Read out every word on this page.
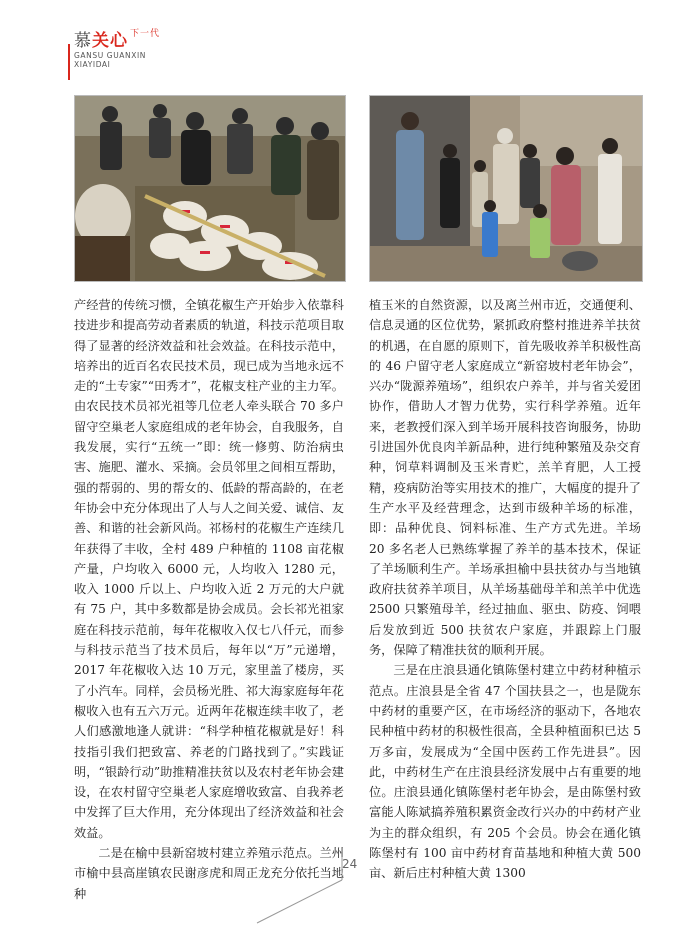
慕关心 $^{下一代}$
GANSU GUANXIN
XIAYIDAI

产经营的传统习惯，全镇花椒生产开始步入依靠科技进步和提高劳动者素质的轨道，科技示范项目取得了显著的经济效益和社会效益。在科技示范中，培养出的近百名农民技术员，现已成为当地永远不走的“土专家”“田秀才”，花椒支柱产业的主力军。由农民技术员祁光祖等几位老人牵头联合 70 多户留守空巢老人家庭组成的老年协会，自我服务，自我发展，实行“五统一”即：统一修剪、防治病虫害、施肥、灌水、采摘。会员邻里之间相互帮助，强的帮弱的、男的帮女的、低龄的帮高龄的，在老年协会中充分体现出了人与人之间关爱、诚信、友善、和谐的社会新风尚。祁杨村的花椒生产连续几年获得了丰收，全村 489 户种植的 1108 亩花椒产量，户均收入 6000 元，人均收入 1280 元，收入 1000 斤以上、户均收入近 2 万元的大户就有 75 户，其中多数都是协会成员。会长祁光祖家庭在科技示范前，每年花椒收入仅七八仟元，而参与科技示范当了技术员后，每年以“万”元递增，2017 年花椒收入达 10 万元，家里盖了楼房，买了小汽车。同样，会员杨光胜、祁大海家庭每年花椒收入也有五六万元。近两年花椒连续丰收了，老人们感激地逢人就讲：“科学种植花椒就是好！科技指引我们把致富、养老的门路找到了。”实践证明，“银龄行动”助推精准扶贫以及农村老年协会建设，在农村留守空巢老人家庭增收致富、自我养老中发挥了巨大作用，充分体现出了经济效益和社会效益。

二是在榆中县新窑坡村建立养殖示范点。兰州市榆中县高崖镇农民谢彦虎和周正龙充分依托当地种

植玉米的自然资源，以及离兰州市近，交通便利、信息灵通的区位优势，紧抓政府整村推进养羊扶贫的机遇，在自愿的原则下，首先吸收养羊积极性高的 46 户留守老人家庭成立“新窑坡村老年协会”，兴办“陇源养殖场”，组织农户养羊，并与省关爱团协作，借助人才智力优势，实行科学养殖。近年来，老教授们深入到羊场开展科技咨询服务，协助引进国外优良肉羊新品种，进行纯种繁殖及杂交育种，饲草料调制及玉米青贮，羔羊育肥，人工授精，疫病防治等实用技术的推广，大幅度的提升了生产水平及经营理念，达到市级种羊场的标准，即：品种优良、饲料标准、生产方式先进。羊场 20 多名老人已熟练掌握了养羊的基本技术，保证了羊场顺利生产。羊场承担榆中县扶贫办与当地镇政府扶贫养羊项目，从羊场基础母羊和羔羊中优选 2500 只繁殖母羊，经过抽血、驱虫、防疫、饲喂后发放到近 500 扶贫农户家庭，并跟踪上门服务，保障了精准扶贫的顺利开展。

三是在庄浪县通化镇陈堡村建立中药材种植示范点。庄浪县是全省 47 个国扶县之一，也是陇东中药材的重要产区，在市场经济的驱动下，各地农民种植中药材的积极性很高，全县种植面积已达 5 万多亩，发展成为“全国中医药工作先进县”。因此，中药材生产在庄浪县经济发展中占有重要的地位。庄浪县通化镇陈堡村老年协会，是由陈堡村致富能人陈斌搞养殖积累资金改行兴办的中药材产业为主的群众组织，有 205 个会员。协会在通化镇陈堡村有 100 亩中药材育苗基地和种植大黄 500 亩、新后庄村种植大黄 1300

24
